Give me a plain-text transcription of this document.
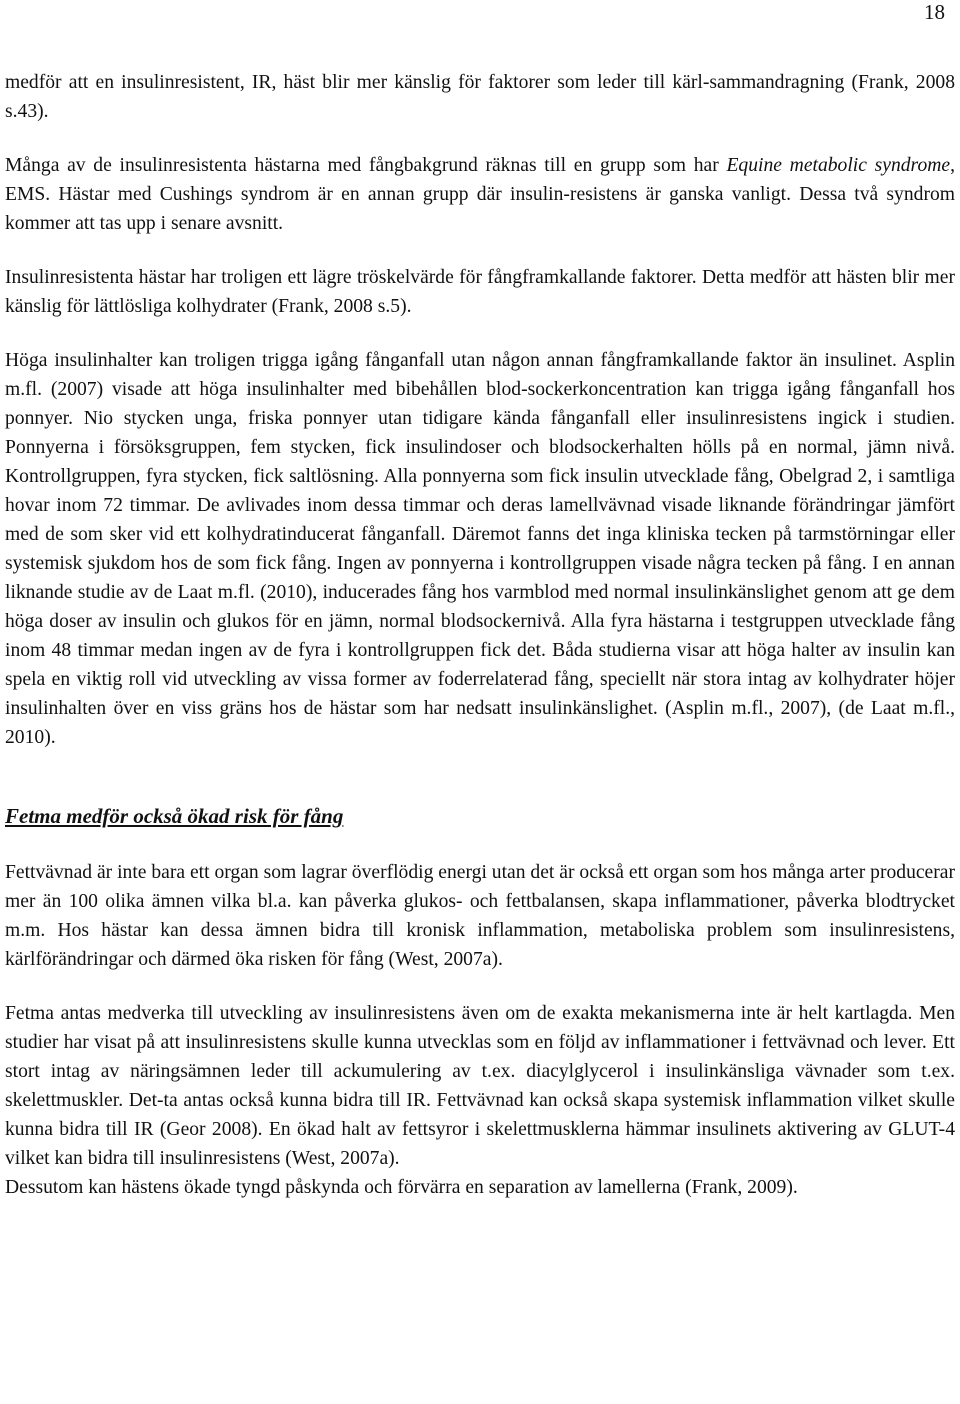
18

medför att en insulinresistent, IR, häst blir mer känslig för faktorer som leder till kärl-sammandragning (Frank, 2008 s.43).

Många av de insulinresistenta hästarna med fångbakgrund räknas till en grupp som har Equine metabolic syndrome, EMS. Hästar med Cushings syndrom är en annan grupp där insulin-resistens är ganska vanligt. Dessa två syndrom kommer att tas upp i senare avsnitt.

Insulinresistenta hästar har troligen ett lägre tröskelvärde för fångframkallande faktorer. Detta medför att hästen blir mer känslig för lättlösliga kolhydrater (Frank, 2008 s.5).

Höga insulinhalter kan troligen trigga igång fånganfall utan någon annan fångframkallande faktor än insulinet. Asplin m.fl. (2007) visade att höga insulinhalter med bibehållen blod-sockerkoncentration kan trigga igång fånganfall hos ponnyer. Nio stycken unga, friska ponnyer utan tidigare kända fånganfall eller insulinresistens ingick i studien. Ponnyerna i försöksgruppen, fem stycken, fick insulindoser och blodsockerhalten hölls på en normal, jämn nivå. Kontrollgruppen, fyra stycken, fick saltlösning. Alla ponnyerna som fick insulin utvecklade fång, Obelgrad 2, i samtliga hovar inom 72 timmar. De avlivades inom dessa timmar och deras lamellvävnad visade liknande förändringar jämfört med de som sker vid ett kolhydratinducerat fånganfall. Däremot fanns det inga kliniska tecken på tarmstörningar eller systemisk sjukdom hos de som fick fång. Ingen av ponnyerna i kontrollgruppen visade några tecken på fång. I en annan liknande studie av de Laat m.fl. (2010), inducerades fång hos varmblod med normal insulinkänslighet genom att ge dem höga doser av insulin och glukos för en jämn, normal blodsockernivå. Alla fyra hästarna i testgruppen utvecklade fång inom 48 timmar medan ingen av de fyra i kontrollgruppen fick det. Båda studierna visar att höga halter av insulin kan spela en viktig roll vid utveckling av vissa former av foderrelaterad fång, speciellt när stora intag av kolhydrater höjer insulinhalten över en viss gräns hos de hästar som har nedsatt insulinkänslighet. (Asplin m.fl., 2007), (de Laat m.fl., 2010).

Fetma medför också ökad risk för fång

Fettvävnad är inte bara ett organ som lagrar överflödig energi utan det är också ett organ som hos många arter producerar mer än 100 olika ämnen vilka bl.a. kan påverka glukos- och fettbalansen, skapa inflammationer, påverka blodtrycket m.m. Hos hästar kan dessa ämnen bidra till kronisk inflammation, metaboliska problem som insulinresistens, kärlförändringar och därmed öka risken för fång (West, 2007a).

Fetma antas medverka till utveckling av insulinresistens även om de exakta mekanismerna inte är helt kartlagda. Men studier har visat på att insulinresistens skulle kunna utvecklas som en följd av inflammationer i fettvävnad och lever. Ett stort intag av näringsämnen leder till ackumulering av t.ex. diacylglycerol i insulinkänsliga vävnader som t.ex. skelettmuskler. Det-ta antas också kunna bidra till IR. Fettvävnad kan också skapa systemisk inflammation vilket skulle kunna bidra till IR (Geor 2008). En ökad halt av fettsyror i skelettmusklerna hämmar insulinets aktivering av GLUT-4 vilket kan bidra till insulinresistens (West, 2007a).

Dessutom kan hästens ökade tyngd påskynda och förvärra en separation av lamellerna (Frank, 2009).
